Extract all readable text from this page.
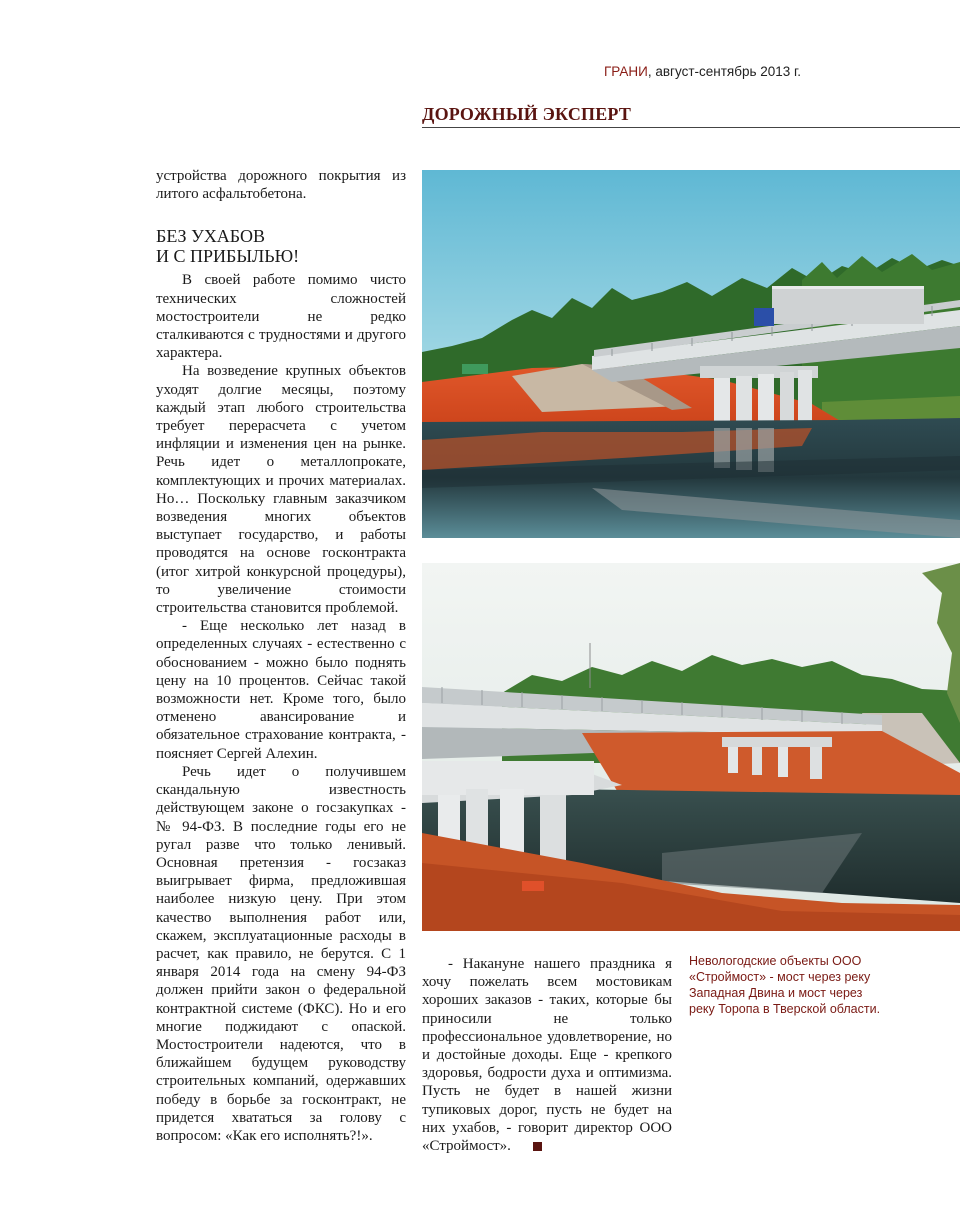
ГРАНИ, август-сентябрь 2013 г.
ДОРОЖНЫЙ ЭКСПЕРТ

устройства дорожного покрытия из литого асфальтобетона.

БЕЗ УХАБОВ
И С ПРИБЫЛЬЮ!

В своей работе помимо чисто технических сложностей мостостроители не редко сталкиваются с трудностями и другого характера.

На возведение крупных объектов уходят долгие месяцы, поэтому каждый этап любого строительства требует перерасчета с учетом инфляции и изменения цен на рынке. Речь идет о металлопрокате, комплектующих и прочих материалах. Но… Поскольку главным заказчиком возведения многих объектов выступает государство, и работы проводятся на основе госконтракта (итог хитрой конкурсной процедуры), то увеличение стоимости строительства становится проблемой.

- Еще несколько лет назад в определенных случаях - естественно с обоснованием - можно было поднять цену на 10 процентов. Сейчас такой возможности нет. Кроме того, было отменено авансирование и обязательное страхование контракта, - поясняет Сергей Алехин.

Речь идет о получившем скандальную известность действующем законе о госзакупках - № 94-ФЗ. В последние годы его не ругал разве что только ленивый. Основная претензия - госзаказ выигрывает фирма, предложившая наиболее низкую цену. При этом качество выполнения работ или, скажем, эксплуатационные расходы в расчет, как правило, не берутся. С 1 января 2014 года на смену 94-ФЗ должен прийти закон о федеральной контрактной системе (ФКС). Но и его многие поджидают с опаской. Мостостроители надеются, что в ближайшем будущем руководству строительных компаний, одержавших победу в борьбе за госконтракт, не придется хвататься за голову с вопросом: «Как его исполнять?!».

- Накануне нашего праздника я хочу пожелать всем мостовикам хороших заказов - таких, которые бы приносили не только профессиональное удовлетворение, но и достойные доходы. Еще - крепкого здоровья, бодрости духа и оптимизма. Пусть не будет в нашей жизни тупиковых дорог, пусть не будет на них ухабов, - говорит директор ООО «Строймост».

Невологодские объекты ООО «Строймост» - мост через реку Западная Двина и мост через реку Торопа в Тверской области.
